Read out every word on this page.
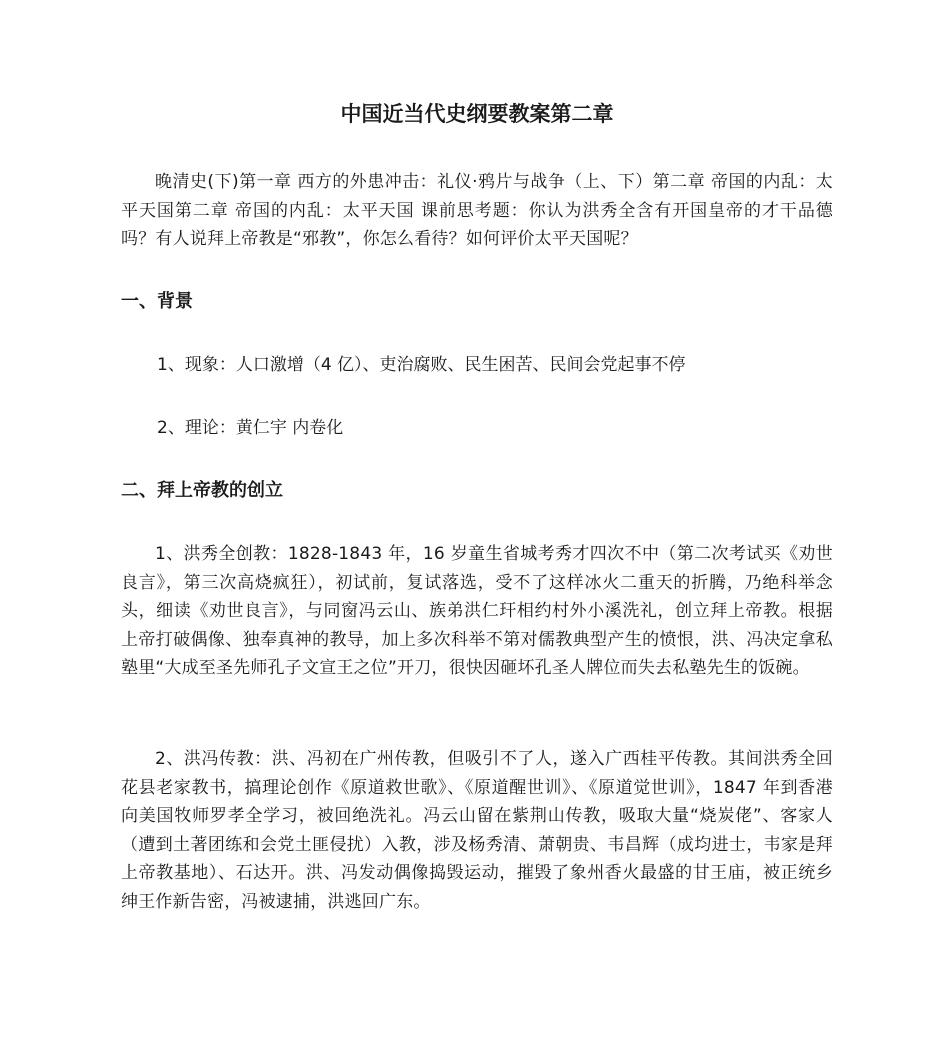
中国近当代史纲要教案第二章

晚清史(下)第一章 西方的外患冲击：礼仪·鸦片与战争（上、下）第二章 帝国的内乱：太平天国第二章 帝国的内乱：太平天国 课前思考题：你认为洪秀全含有开国皇帝的才干品德吗？有人说拜上帝教是“邪教”，你怎么看待？如何评价太平天国呢？

一、背景

1、现象：人口激增（4 亿）、吏治腐败、民生困苦、民间会党起事不停

2、理论：黄仁宇 内卷化

二、拜上帝教的创立

1、洪秀全创教：1828-1843 年，16 岁童生省城考秀才四次不中（第二次考试买《劝世良言》，第三次高烧疯狂），初试前，复试落选，受不了这样冰火二重天的折腾，乃绝科举念头，细读《劝世良言》，与同窗冯云山、族弟洪仁玕相约村外小溪洗礼，创立拜上帝教。根据上帝打破偶像、独奉真神的教导，加上多次科举不第对儒教典型产生的愤恨，洪、冯决定拿私塾里“大成至圣先师孔子文宣王之位”开刀，很快因砸坏孔圣人牌位而失去私塾先生的饭碗。

2、洪冯传教：洪、冯初在广州传教，但吸引不了人，遂入广西桂平传教。其间洪秀全回花县老家教书，搞理论创作《原道救世歌》、《原道醒世训》、《原道觉世训》，1847 年到香港向美国牧师罗孝全学习，被回绝洗礼。冯云山留在紫荆山传教，吸取大量“烧炭佬”、客家人（遭到土著团练和会党土匪侵扰）入教，涉及杨秀清、萧朝贵、韦昌辉（成均进士，韦家是拜上帝教基地）、石达开。洪、冯发动偶像捣毁运动，摧毁了象州香火最盛的甘王庙，被正统乡绅王作新告密，冯被逮捕，洪逃回广东。
